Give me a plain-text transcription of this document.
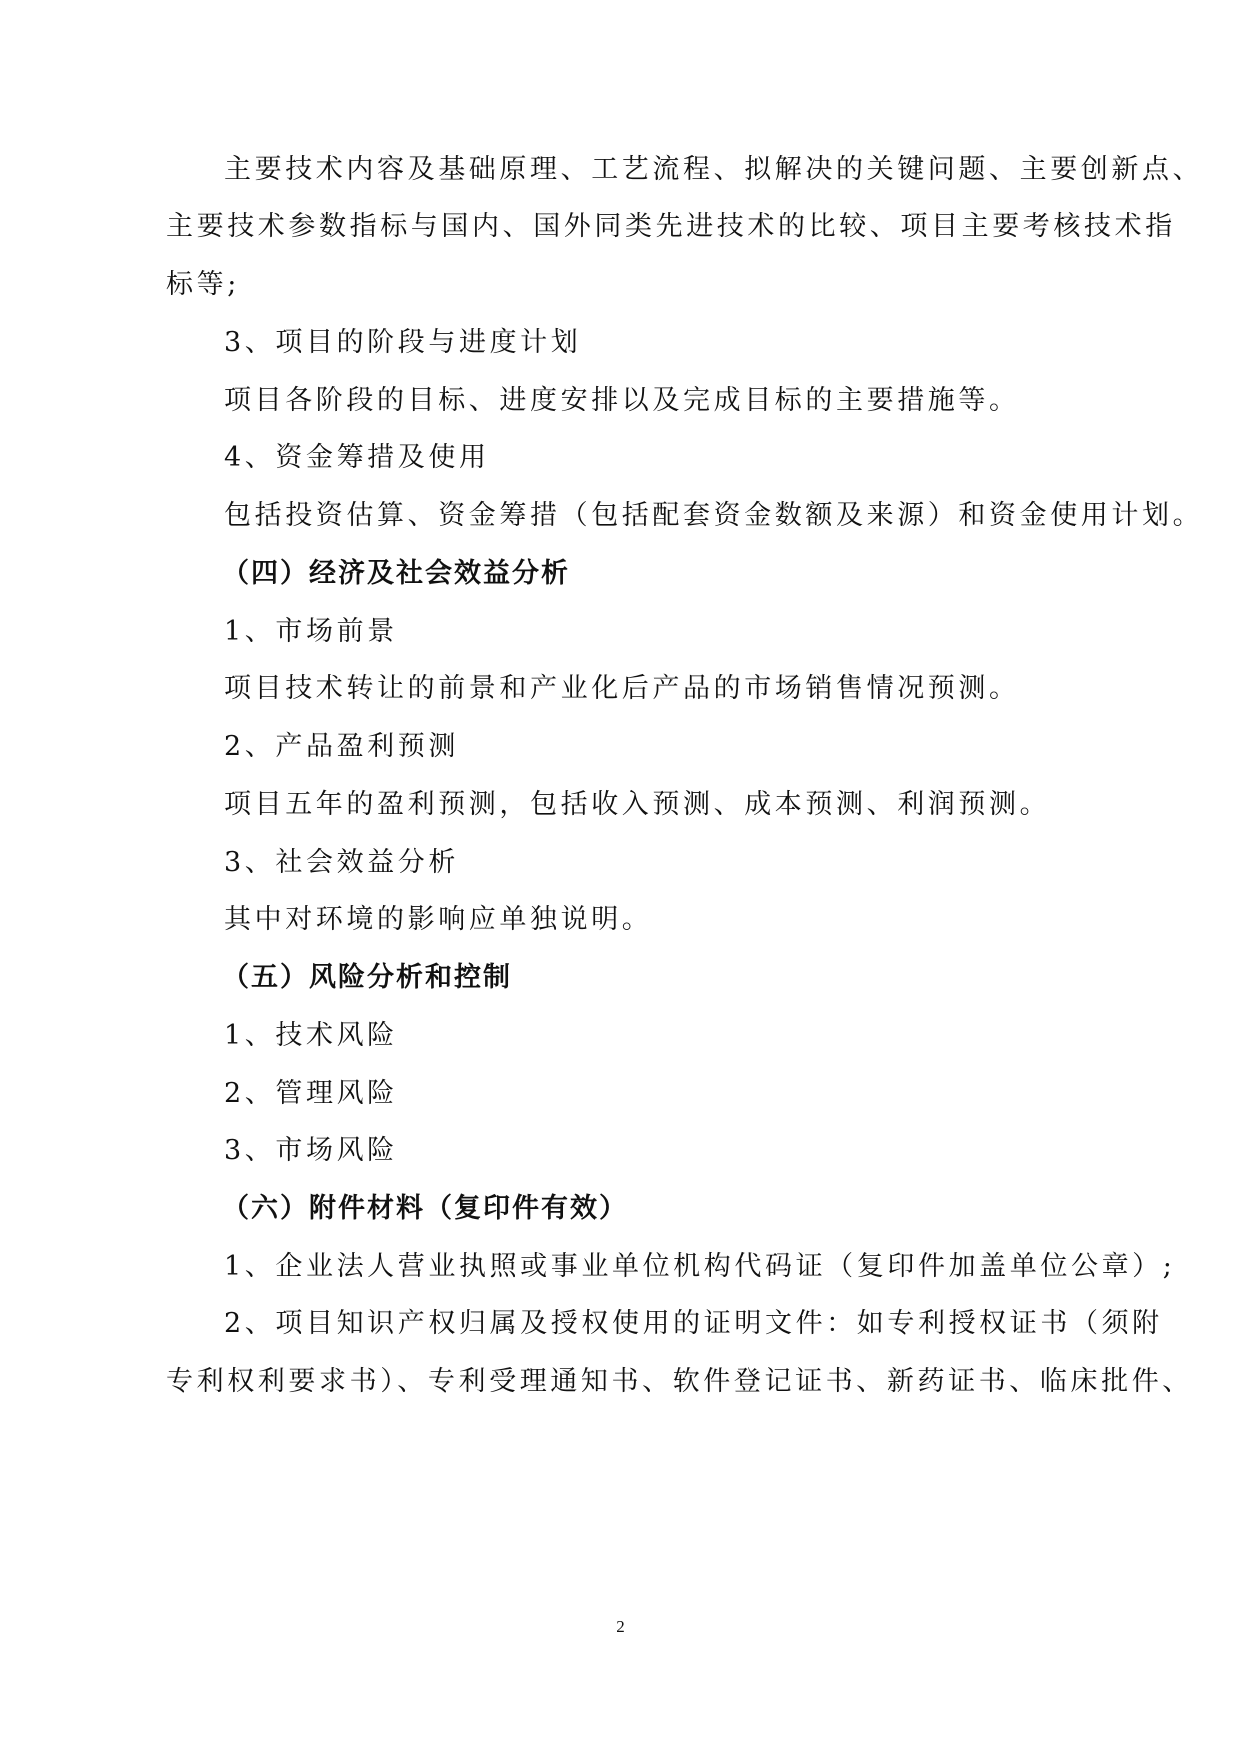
主要技术内容及基础原理、工艺流程、拟解决的关键问题、主要创新点、

主要技术参数指标与国内、国外同类先进技术的比较、项目主要考核技术指

标等;

3、项目的阶段与进度计划

项目各阶段的目标、进度安排以及完成目标的主要措施等。

4、资金筹措及使用

包括投资估算、资金筹措（包括配套资金数额及来源）和资金使用计划。

（四）经济及社会效益分析

1、市场前景

项目技术转让的前景和产业化后产品的市场销售情况预测。

2、产品盈利预测

项目五年的盈利预测，包括收入预测、成本预测、利润预测。

3、社会效益分析

其中对环境的影响应单独说明。

（五）风险分析和控制

1、技术风险

2、管理风险

3、市场风险

（六）附件材料（复印件有效）

1、企业法人营业执照或事业单位机构代码证（复印件加盖单位公章）;

2、项目知识产权归属及授权使用的证明文件：如专利授权证书（须附

专利权利要求书）、专利受理通知书、软件登记证书、新药证书、临床批件、

2
